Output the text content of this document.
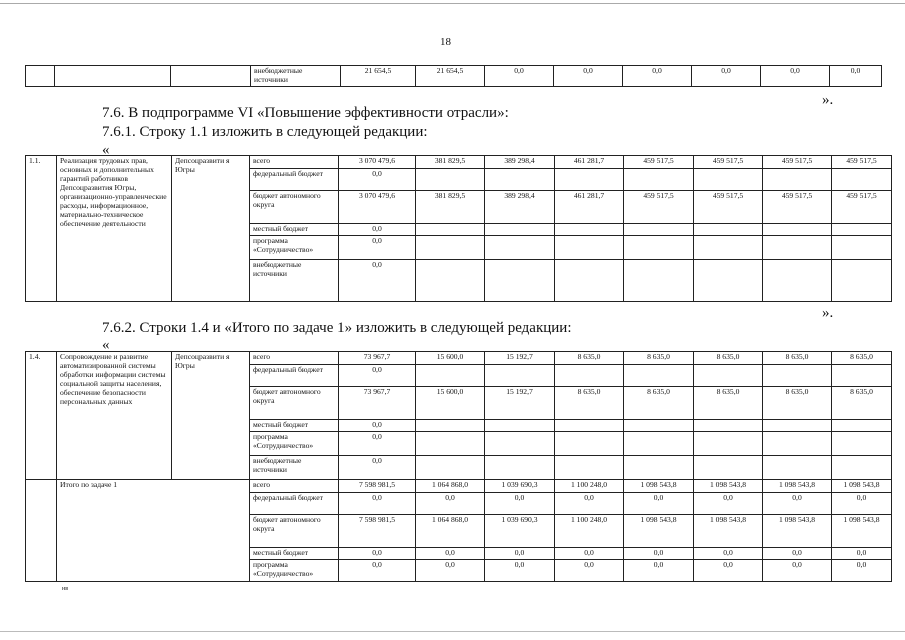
18
			внебюджетные источники	21 654,5	21 654,5	0,0	0,0	0,0	0,0	0,0	0,0
».
7.6. В подпрограмме VI «Повышение эффективности отрасли»:
7.6.1. Строку 1.1 изложить в следующей редакции:
«
1.1.	Реализация трудовых прав, основных и дополнительных гарантий работников Депсоцразвития Югры, организационно-управленческие расходы, информационное, материально-техническое обеспечение деятельности	Депсоцразвити я Югры	всего	3 070 479,6	381 829,5	389 298,4	461 281,7	459 517,5	459 517,5	459 517,5	459 517,5
			федеральный бюджет	0,0							
			бюджет автономного округа	3 070 479,6	381 829,5	389 298,4	461 281,7	459 517,5	459 517,5	459 517,5	459 517,5
			местный бюджет	0,0							
			программа «Сотрудничество»	0,0							
			внебюджетные источники	0,0							
».
7.6.2. Строки 1.4 и «Итого по задаче 1» изложить в следующей редакции:
«
1.4.	Сопровождение и развитие автоматизированной системы обработки информации системы социальной защиты населения, обеспечение безопасности персональных данных	Депсоцразвити я Югры	всего	73 967,7	15 600,0	15 192,7	8 635,0	8 635,0	8 635,0	8 635,0	8 635,0
			федеральный бюджет	0,0							
			бюджет автономного округа	73 967,7	15 600,0	15 192,7	8 635,0	8 635,0	8 635,0	8 635,0	8 635,0
			местный бюджет	0,0							
			программа «Сотрудничество»	0,0							
			внебюджетные источники	0,0							
	Итого по задаче 1		всего	7 598 981,5	1 064 868,0	1 039 690,3	1 100 248,0	1 098 543,8	1 098 543,8	1 098 543,8	1 098 543,8
			федеральный бюджет	0,0	0,0	0,0	0,0	0,0	0,0	0,0	0,0
			бюджет автономного округа	7 598 981,5	1 064 868,0	1 039 690,3	1 100 248,0	1 098 543,8	1 098 543,8	1 098 543,8	1 098 543,8
			местный бюджет	0,0	0,0	0,0	0,0	0,0	0,0	0,0	0,0
			программа «Сотрудничество»	0,0	0,0	0,0	0,0	0,0	0,0	0,0	0,0
нв
